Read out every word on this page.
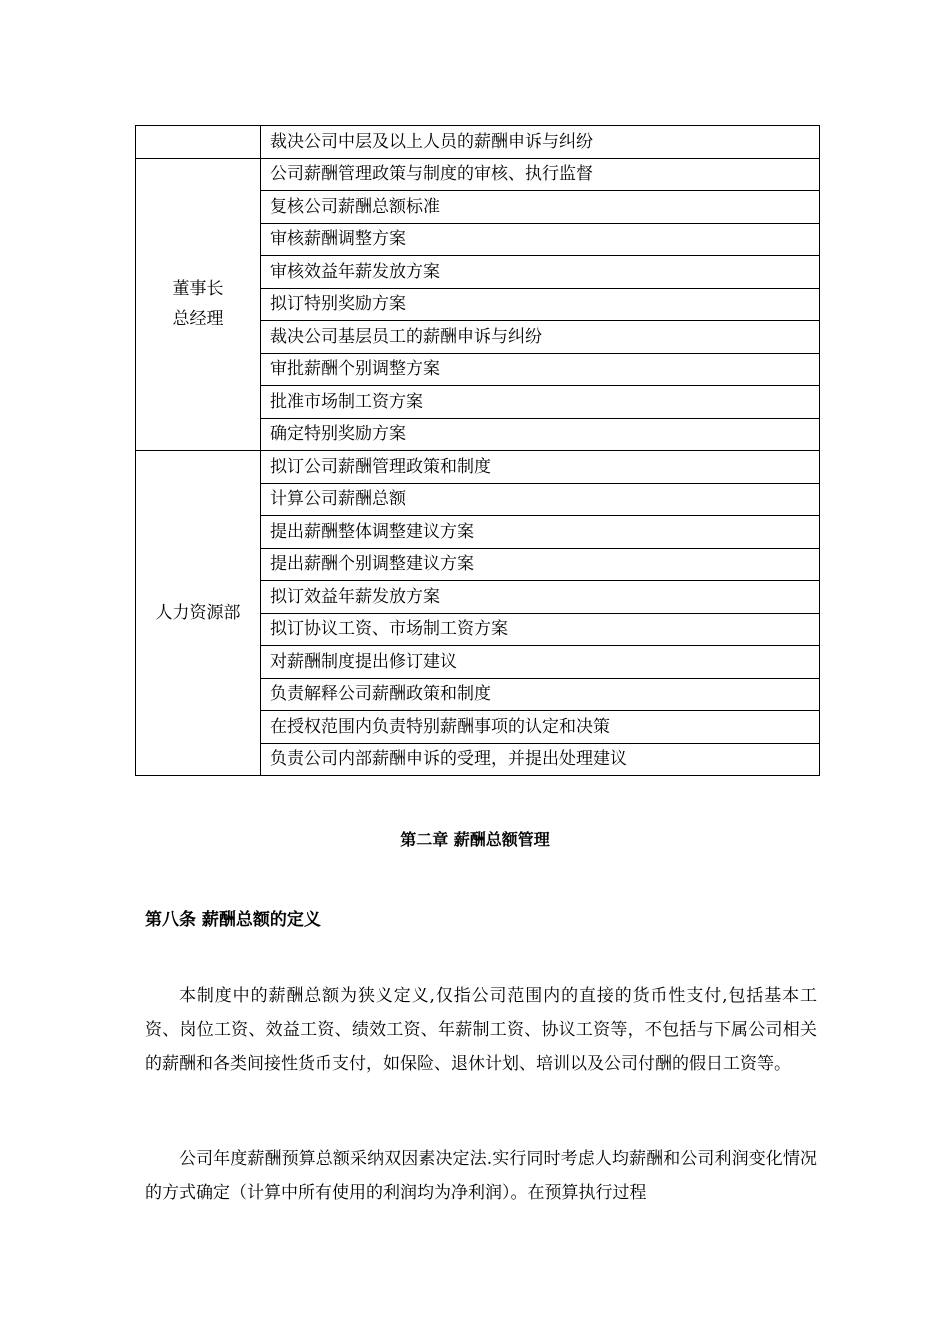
	裁决公司中层及以上人员的薪酬申诉与纠纷

董事长
总经理	公司薪酬管理政策与制度的审核、执行监督
	复核公司薪酬总额标准
	审核薪酬调整方案
	审核效益年薪发放方案
	拟订特别奖励方案
	裁决公司基层员工的薪酬申诉与纠纷
	审批薪酬个别调整方案
	批准市场制工资方案
	确定特别奖励方案

人力资源部	拟订公司薪酬管理政策和制度
	计算公司薪酬总额
	提出薪酬整体调整建议方案
	提出薪酬个别调整建议方案
	拟订效益年薪发放方案
	拟订协议工资、市场制工资方案
	对薪酬制度提出修订建议
	负责解释公司薪酬政策和制度
	在授权范围内负责特别薪酬事项的认定和决策
	负责公司内部薪酬申诉的受理，并提出处理建议
第二章 薪酬总额管理
第八条 薪酬总额的定义

本制度中的薪酬总额为狭义定义,仅指公司范围内的直接的货币性支付,包括基本工资、岗位工资、效益工资、绩效工资、年薪制工资、协议工资等，不包括与下属公司相关的薪酬和各类间接性货币支付，如保险、退休计划、培训以及公司付酬的假日工资等。

公司年度薪酬预算总额采纳双因素决定法.实行同时考虑人均薪酬和公司利润变化情况的方式确定（计算中所有使用的利润均为净利润）。在预算执行过程
